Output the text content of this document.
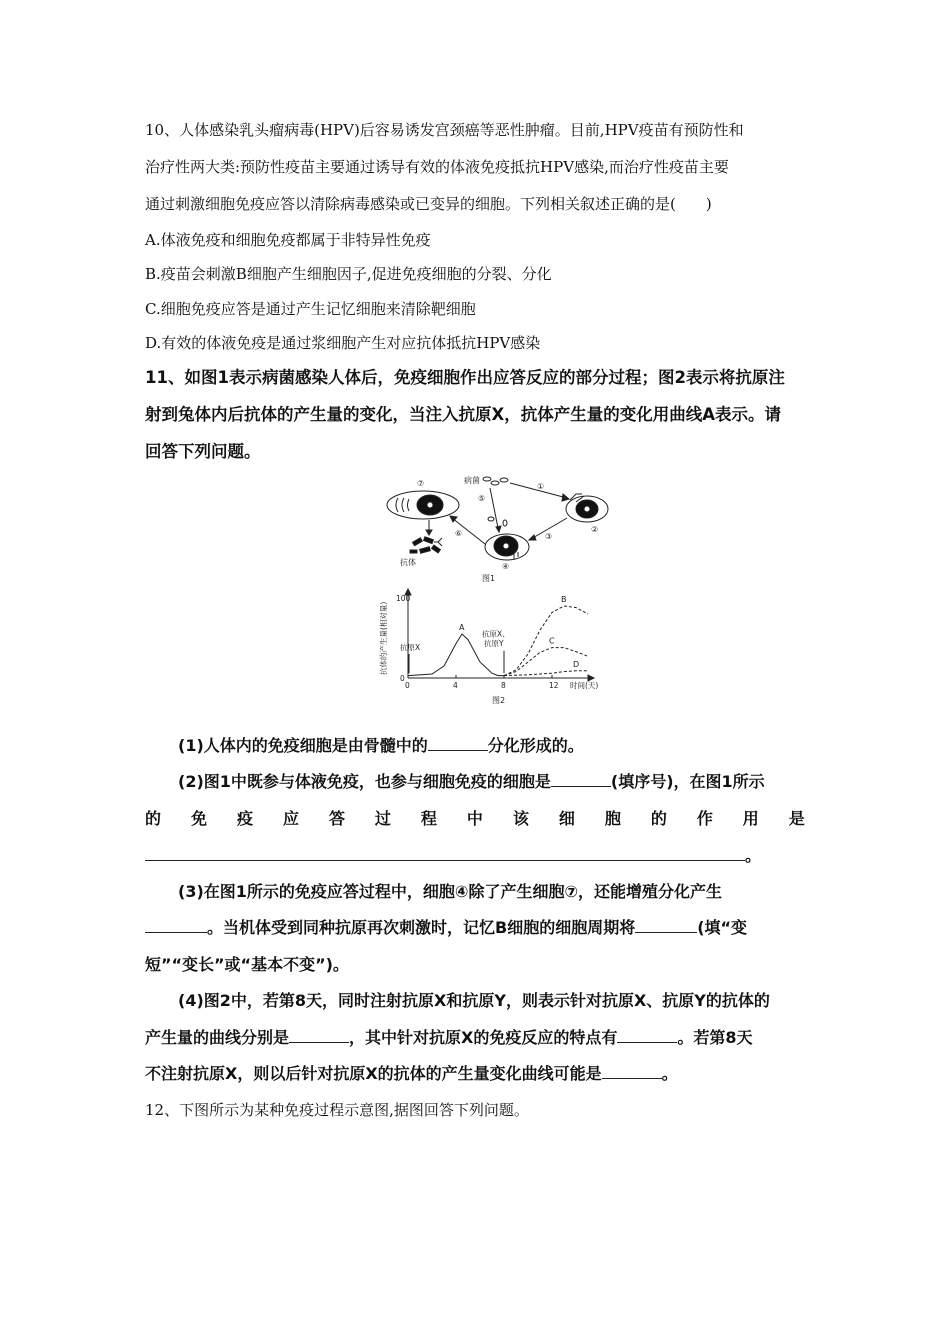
10、人体感染乳头瘤病毒(HPV)后容易诱发宫颈癌等恶性肿瘤。目前,HPV疫苗有预防性和
治疗性两大类:预防性疫苗主要通过诱导有效的体液免疫抵抗HPV感染,而治疗性疫苗主要
通过刺激细胞免疫应答以清除病毒感染或已变异的细胞。下列相关叙述正确的是(　　)
A.体液免疫和细胞免疫都属于非特异性免疫
B.疫苗会刺激B细胞产生细胞因子,促进免疫细胞的分裂、分化
C.细胞免疫应答是通过产生记忆细胞来清除靶细胞
D.有效的体液免疫是通过浆细胞产生对应抗体抵抗HPV感染
11、如图1表示病菌感染人体后，免疫细胞作出应答反应的部分过程；图2表示将抗原注
射到兔体内后抗体的产生量的变化，当注入抗原X，抗体产生量的变化用曲线A表示。请
回答下列问题。
病菌
抗体
①
②
③
④
⑤
⑥
⑦
图1
0	4	8	12
0
100
时间(天)
A
B
C
D
抗原X
抗原X、
抗原Y
抗体的产生量(相对量)
图2
(1)人体内的免疫细胞是由骨髓中的	分化形成的。
(2)图1中既参与体液免疫，也参与细胞免疫的细胞是	(填序号)，在图1所示
的 免 疫 应 答 过 程 中 该 细 胞 的 作 用 是
。
(3)在图1所示的免疫应答过程中，细胞④除了产生细胞⑦，还能增殖分化产生
。当机体受到同种抗原再次刺激时，记忆B细胞的细胞周期将	(填“变
短”“变长”或“基本不变”)。
(4)图2中，若第8天，同时注射抗原X和抗原Y，则表示针对抗原X、抗原Y的抗体的
产生量的曲线分别是	，其中针对抗原X的免疫反应的特点有	。若第8天
不注射抗原X，则以后针对抗原X的抗体的产生量变化曲线可能是	。
12、下图所示为某种免疫过程示意图,据图回答下列问题。
